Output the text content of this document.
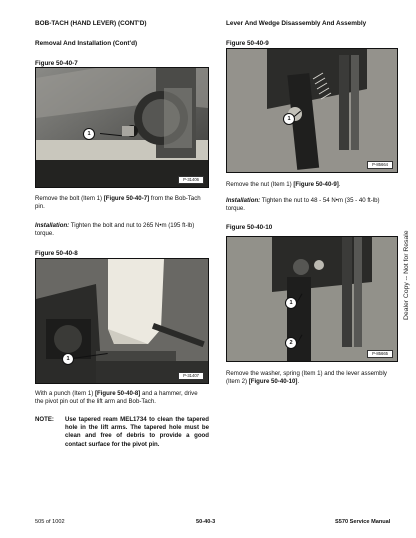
BOB-TACH (HAND LEVER) (CONT'D)
Removal And Installation (Cont'd)
Figure 50-40-7
1
P-31406
Remove the bolt (Item 1) [Figure 50-40-7] from the Bob-Tach pin.
Installation: Tighten the bolt and nut to 265 N•m (195 ft-lb) torque.
Figure 50-40-8
1
P-31407
With a punch (Item 1) [Figure 50-40-8] and a hammer, drive the pivot pin out of the lift arm and Bob-Tach.
NOTE: Use tapered ream MEL1734 to clean the tapered hole in the lift arms. The tapered hole must be clean and free of debris to provide a good contact surface for the pivot pin.
Lever And Wedge Disassembly And Assembly
Figure 50-40-9
1
P-85664
Remove the nut (Item 1) [Figure 50-40-9].
Installation: Tighten the nut to 48 - 54 N•m (35 - 40 ft-lb) torque.
Figure 50-40-10
1
2
P-85665
Remove the washer, spring (Item 1) and the lever assembly (Item 2) [Figure 50-40-10].
Dealer Copy -- Not for Resale
505 of 1002	50-40-3	S570 Service Manual
